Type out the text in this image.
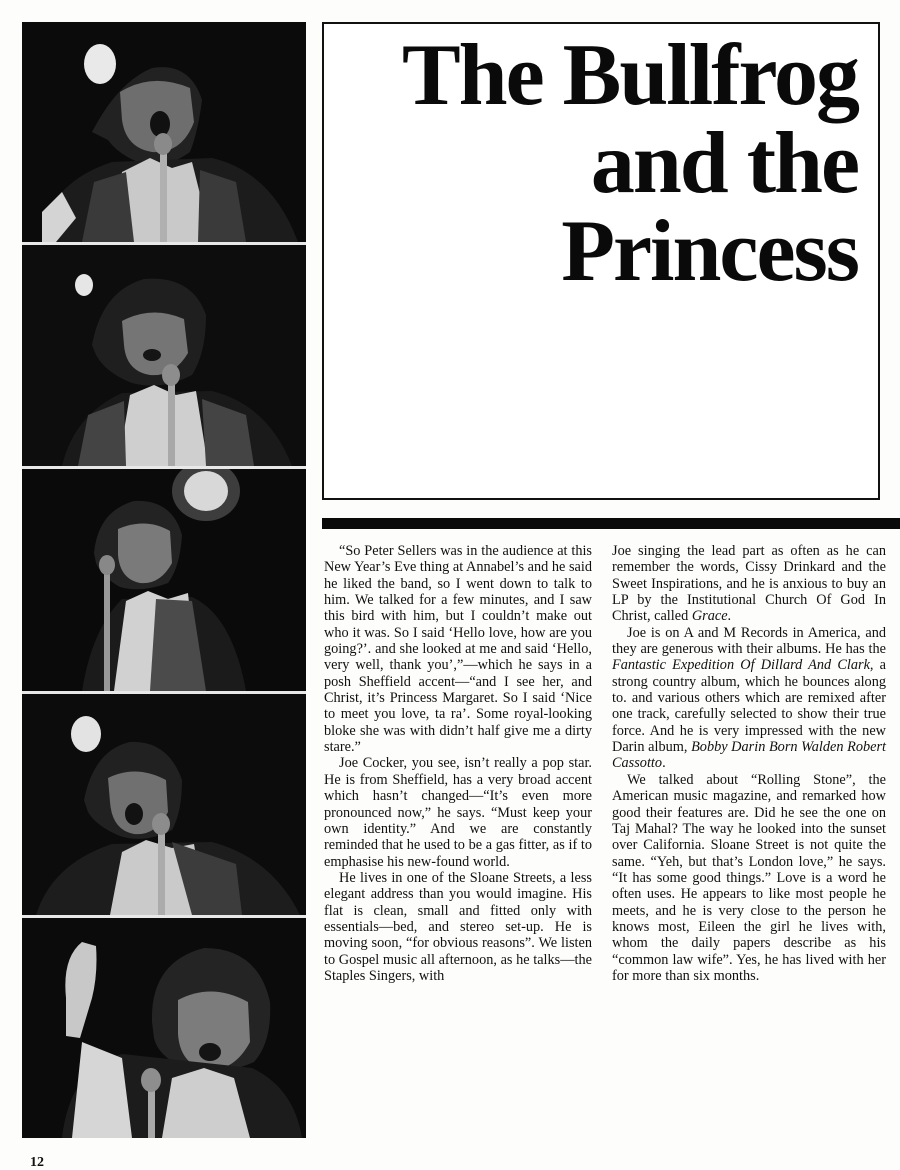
The Bullfrog
and the
Princess

“So Peter Sellers was in the audience at this New Year’s Eve thing at Annabel’s and he said he liked the band, so I went down to talk to him. We talked for a few minutes, and I saw this bird with him, but I couldn’t make out who it was. So I said ‘Hello love, how are you going?’. and she looked at me and said ‘Hello, very well, thank you’,”—which he says in a posh Sheffield accent—“and I see her, and Christ, it’s Princess Margaret. So I said ‘Nice to meet you love, ta ra’. Some royal-looking bloke she was with didn’t half give me a dirty stare.”

Joe Cocker, you see, isn’t really a pop star. He is from Sheffield, has a very broad accent which hasn’t changed—“It’s even more pronounced now,” he says. “Must keep your own identity.” And we are constantly reminded that he used to be a gas fitter, as if to emphasise his new-found world.

He lives in one of the Sloane Streets, a less elegant address than you would imagine. His flat is clean, small and fitted only with essentials—bed, and stereo set-up. He is moving soon, “for obvious reasons”. We listen to Gospel music all afternoon, as he talks—the Staples Singers, with

Joe singing the lead part as often as he can remember the words, Cissy Drinkard and the Sweet Inspirations, and he is anxious to buy an LP by the Institutional Church Of God In Christ, called Grace.

Joe is on A and M Records in America, and they are generous with their albums. He has the Fantastic Expedition Of Dillard And Clark, a strong country album, which he bounces along to. and various others which are remixed after one track, carefully selected to show their true force. And he is very impressed with the new Darin album, Bobby Darin Born Walden Robert Cassotto.

We talked about “Rolling Stone”, the American music magazine, and remarked how good their features are. Did he see the one on Taj Mahal? The way he looked into the sunset over California. Sloane Street is not quite the same. “Yeh, but that’s London love,” he says. “It has some good things.” Love is a word he often uses. He appears to like most people he meets, and he is very close to the person he knows most, Eileen the girl he lives with, whom the daily papers describe as his “common law wife”. Yes, he has lived with her for more than six months.

12
